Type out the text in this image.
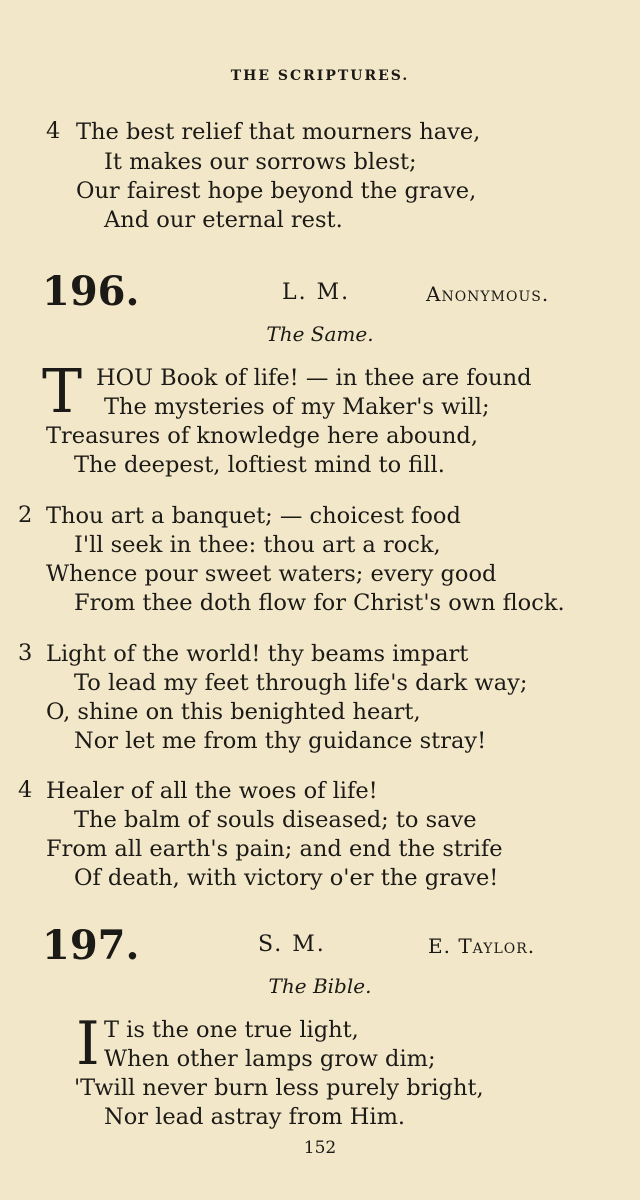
THE SCRIPTURES.
4 The best relief that mourners have,
It makes our sorrows blest;
Our fairest hope beyond the grave,
And our eternal rest.
196.	L. M.	Anonymous.
The Same.
T HOU Book of life! — in thee are found
The mysteries of my Maker's will;
Treasures of knowledge here abound,
The deepest, loftiest mind to fill.
2 Thou art a banquet; — choicest food
I'll seek in thee: thou art a rock,
Whence pour sweet waters; every good
From thee doth flow for Christ's own flock.
3 Light of the world! thy beams impart
To lead my feet through life's dark way;
O, shine on this benighted heart,
Nor let me from thy guidance stray!
4 Healer of all the woes of life!
The balm of souls diseased; to save
From all earth's pain; and end the strife
Of death, with victory o'er the grave!
197.	S. M.	E. Taylor.
The Bible.
I T is the one true light,
When other lamps grow dim;
'Twill never burn less purely bright,
Nor lead astray from Him.
152
